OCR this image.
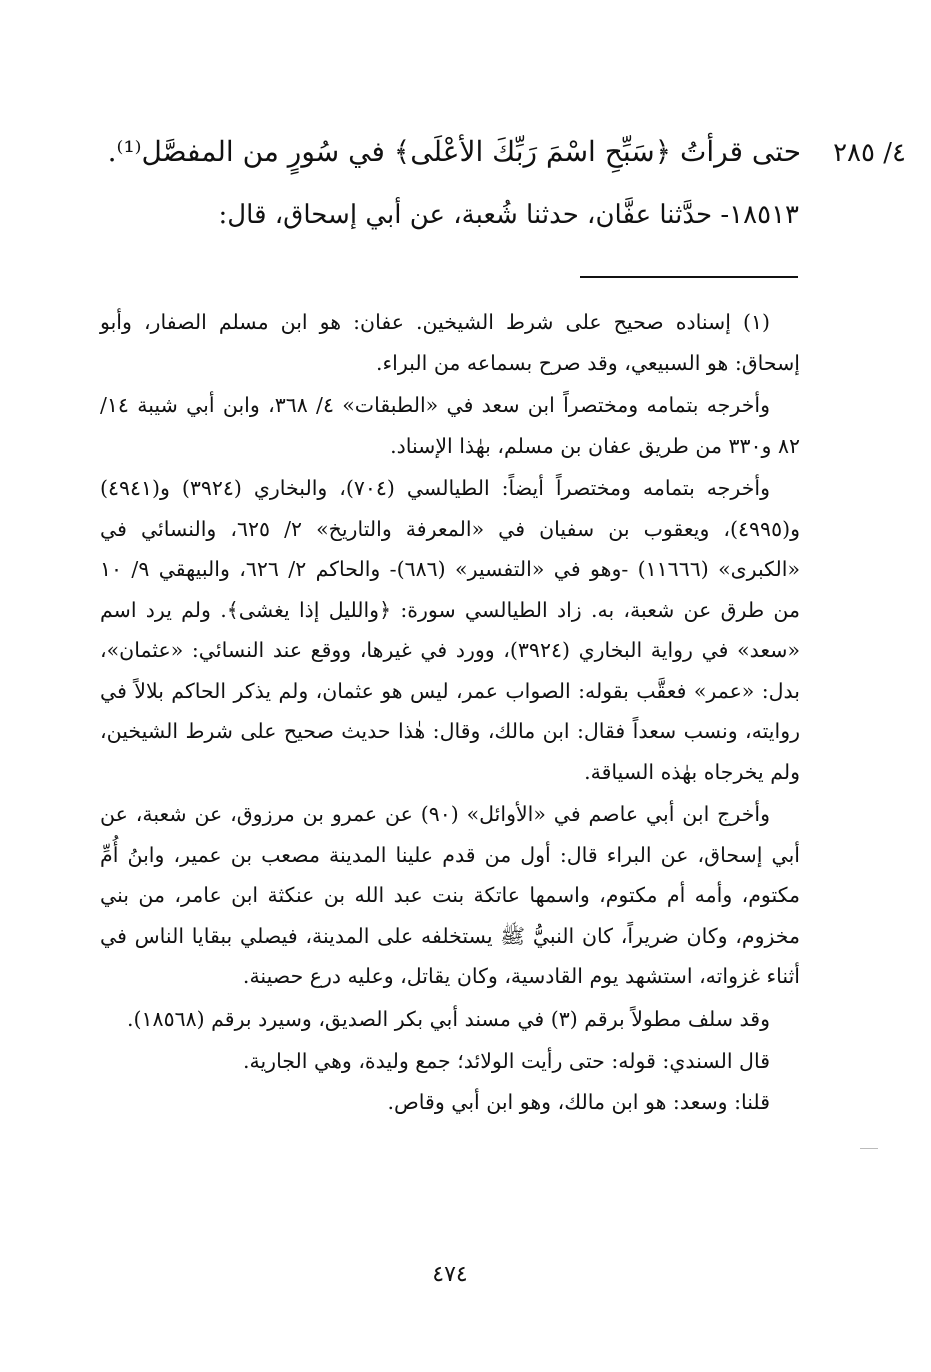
٤/ ٢٨٥
حتى قرأتُ ﴿سَبِّحِ اسْمَ رَبِّكَ الأعْلَى﴾ في سُورٍ من المفصَّل⁽¹⁾.
١٨٥١٣- حدَّثنا عفَّان، حدثنا شُعبة، عن أبي إسحاق، قال:

(١) إسناده صحيح على شرط الشيخين. عفان: هو ابن مسلم الصفار، وأبو إسحاق: هو السبيعي، وقد صرح بسماعه من البراء.

وأخرجه بتمامه ومختصراً ابن سعد في «الطبقات» ٤/ ٣٦٨، وابن أبي شيبة ١٤/ ٨٢ و٣٣٠ من طريق عفان بن مسلم، بهٰذا الإسناد.

وأخرجه بتمامه ومختصراً أيضاً: الطيالسي (٧٠٤)، والبخاري (٣٩٢٤) و(٤٩٤١) و(٤٩٩٥)، ويعقوب بن سفيان في «المعرفة والتاريخ» ٢/ ٦٢٥، والنسائي في «الكبرى» (١١٦٦٦) -وهو في «التفسير» (٦٨٦)- والحاكم ٢/ ٦٢٦، والبيهقي ٩/ ١٠ من طرق عن شعبة، به. زاد الطيالسي سورة: ﴿والليل إذا يغشى﴾. ولم يرد اسم «سعد» في رواية البخاري (٣٩٢٤)، وورد في غيرها، ووقع عند النسائي: «عثمان»، بدل: «عمر» فعقَّب بقوله: الصواب عمر، ليس هو عثمان، ولم يذكر الحاكم بلالاً في روايته، ونسب سعداً فقال: ابن مالك، وقال: هٰذا حديث صحيح على شرط الشيخين، ولم يخرجاه بهٰذه السياقة.

وأخرج ابن أبي عاصم في «الأوائل» (٩٠) عن عمرو بن مرزوق، عن شعبة، عن أبي إسحاق، عن البراء قال: أول من قدم علينا المدينة مصعب بن عمير، وابنُ أُمِّ مكتوم، وأمه أم مكتوم، واسمها عاتكة بنت عبد الله بن عنكثة ابن عامر، من بني مخزوم، وكان ضريراً، كان النبيُّ ﷺ يستخلفه على المدينة، فيصلي ببقايا الناس في أثناء غزواته، استشهد يوم القادسية، وكان يقاتل، وعليه درع حصينة.

وقد سلف مطولاً برقم (٣) في مسند أبي بكر الصديق، وسيرد برقم (١٨٥٦٨).

قال السندي: قوله: حتى رأيت الولائد؛ جمع وليدة، وهي الجارية.

قلنا: وسعد: هو ابن مالك، وهو ابن أبي وقاص.

٤٧٤
